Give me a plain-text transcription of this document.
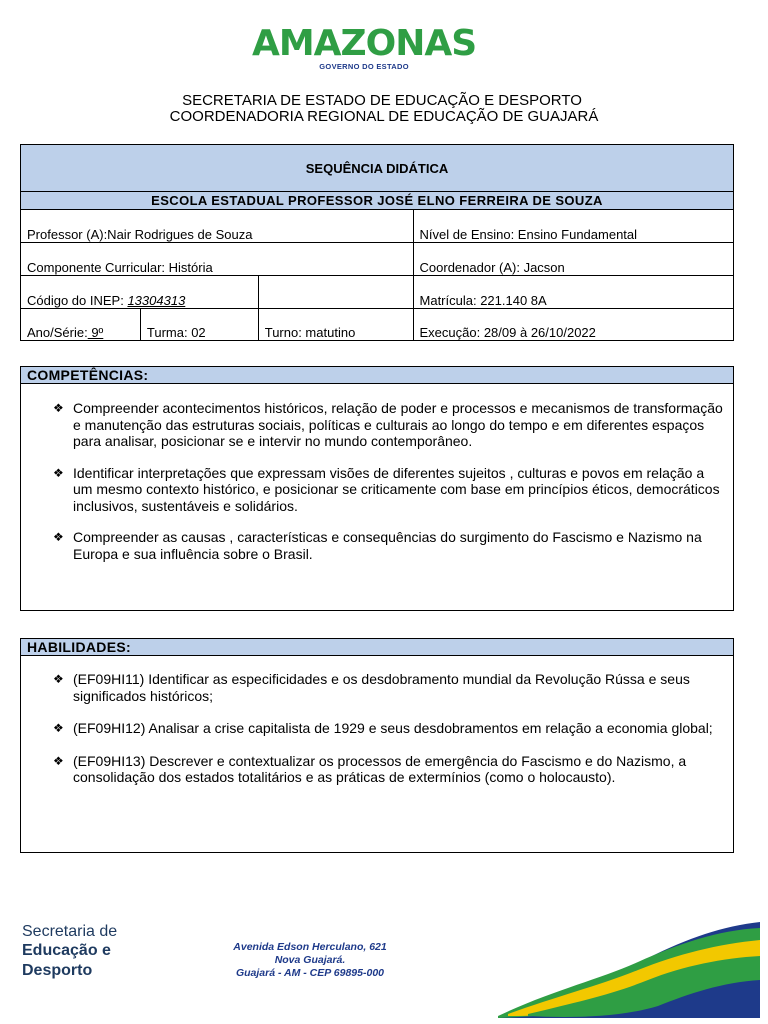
AMAZONAS
GOVERNO DO ESTADO
SECRETARIA DE ESTADO DE EDUCAÇÃO E DESPORTO
COORDENADORIA REGIONAL DE EDUCAÇÃO DE GUAJARÁ
SEQUÊNCIA DIDÁTICA			
ESCOLA ESTADUAL PROFESSOR JOSÉ ELNO FERREIRA DE SOUZA			
Professor (A):Nair Rodrigues de Souza			Nível de Ensino: Ensino Fundamental
Componente Curricular: História			Coordenador (A): Jacson
Código do INEP: 13304313			Matrícula: 221.140 8A
Ano/Série: 9º	Turma: 02	Turno: matutino	Execução: 28/09 à 26/10/2022
COMPETÊNCIAS:
❖ Compreender acontecimentos históricos, relação de poder e processos e mecanismos de transformação e manutenção das estruturas sociais, políticas e culturais ao longo do tempo e em diferentes espaços para analisar, posicionar se e intervir no mundo contemporâneo.
❖ Identificar interpretações que expressam visões de diferentes sujeitos , culturas e povos em relação a um mesmo contexto histórico, e posicionar se criticamente com base em princípios éticos, democráticos inclusivos, sustentáveis e solidários.
❖ Compreender as causas , características e consequências do surgimento do Fascismo e Nazismo na Europa e sua influência sobre o Brasil.
HABILIDADES:
❖ (EF09HI11) Identificar as especificidades e os desdobramento mundial da Revolução Rússa e seus significados históricos;
❖ (EF09HI12) Analisar a crise capitalista de 1929 e seus desdobramentos em relação a economia global;
❖ (EF09HI13) Descrever e contextualizar os processos de emergência do Fascismo e do Nazismo, a consolidação dos estados totalitários e as práticas de extermínios (como o holocausto).
Secretaria de
Educação e
Desporto
Avenida Edson Herculano, 621
Nova Guajará.
Guajará - AM - CEP 69895-000
